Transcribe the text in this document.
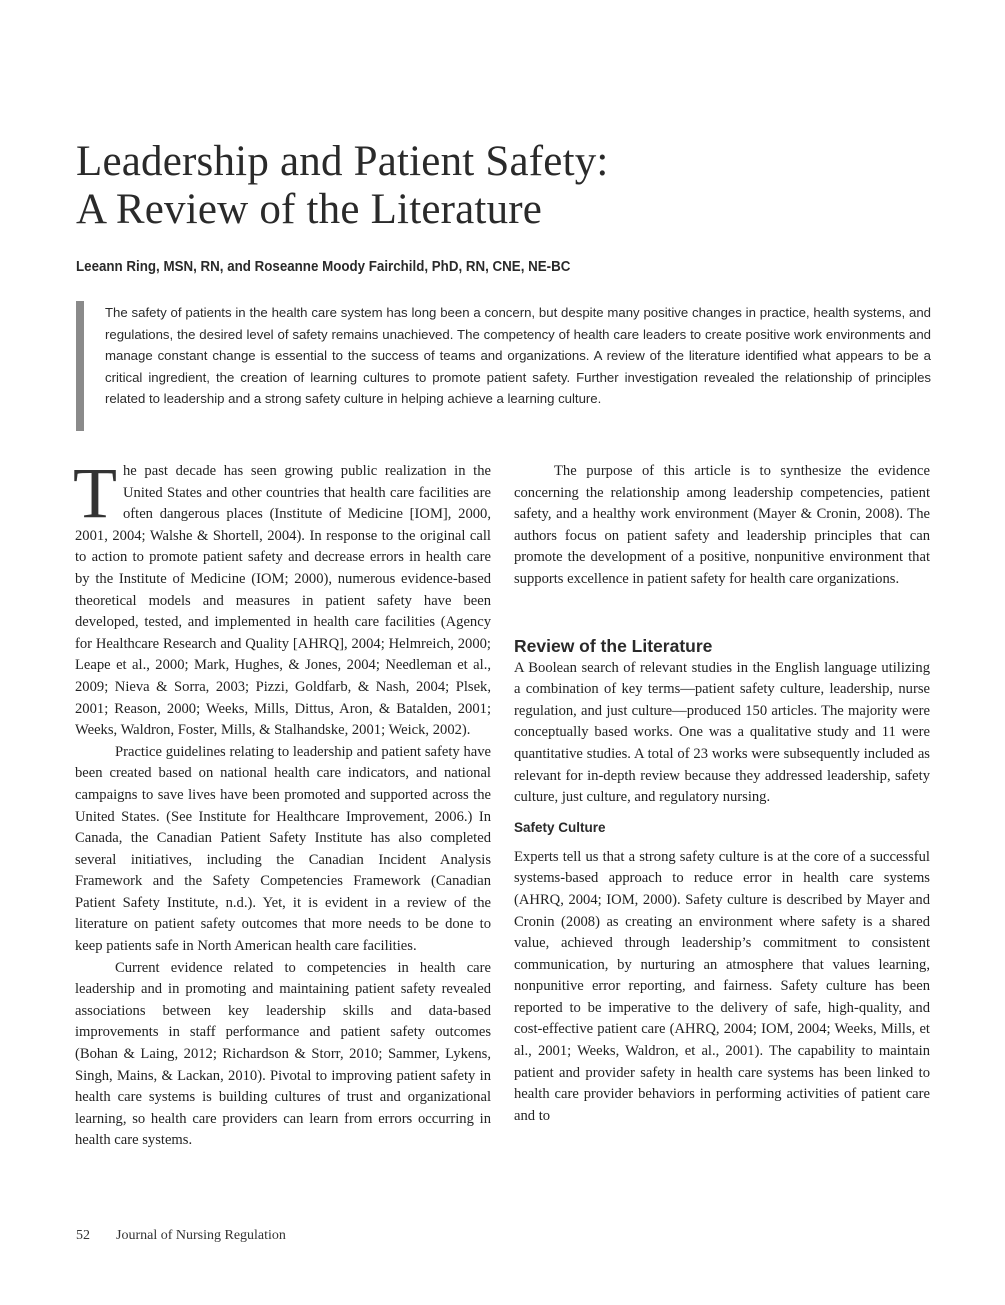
Leadership and Patient Safety:
A Review of the Literature

Leeann Ring, MSN, RN, and Roseanne Moody Fairchild, PhD, RN, CNE, NE-BC

The safety of patients in the health care system has long been a concern, but despite many positive changes in practice, health systems, and regulations, the desired level of safety remains unachieved. The competency of health care leaders to create positive work environments and manage constant change is essential to the success of teams and organizations. A review of the literature identified what appears to be a critical ingredient, the creation of learning cultures to promote patient safety. Further investigation revealed the relationship of principles related to leadership and a strong safety culture in helping achieve a learning culture.

The past decade has seen growing public realization in the United States and other countries that health care facilities are often dangerous places (Institute of Medicine [IOM], 2000, 2001, 2004; Walshe & Shortell, 2004). In response to the original call to action to promote patient safety and decrease errors in health care by the Institute of Medicine (IOM; 2000), numerous evidence-based theoretical models and measures in patient safety have been developed, tested, and implemented in health care facilities (Agency for Healthcare Research and Quality [AHRQ], 2004; Helmreich, 2000; Leape et al., 2000; Mark, Hughes, & Jones, 2004; Needleman et al., 2009; Nieva & Sorra, 2003; Pizzi, Goldfarb, & Nash, 2004; Plsek, 2001; Reason, 2000; Weeks, Mills, Dittus, Aron, & Batalden, 2001; Weeks, Waldron, Foster, Mills, & Stalhandske, 2001; Weick, 2002).

Practice guidelines relating to leadership and patient safety have been created based on national health care indicators, and national campaigns to save lives have been promoted and supported across the United States. (See Institute for Healthcare Improvement, 2006.) In Canada, the Canadian Patient Safety Institute has also completed several initiatives, including the Canadian Incident Analysis Framework and the Safety Competencies Framework (Canadian Patient Safety Institute, n.d.). Yet, it is evident in a review of the literature on patient safety outcomes that more needs to be done to keep patients safe in North American health care facilities.

Current evidence related to competencies in health care leadership and in promoting and maintaining patient safety revealed associations between key leadership skills and data-based improvements in staff performance and patient safety outcomes (Bohan & Laing, 2012; Richardson & Storr, 2010; Sammer, Lykens, Singh, Mains, & Lackan, 2010). Pivotal to improving patient safety in health care systems is building cultures of trust and organizational learning, so health care providers can learn from errors occurring in health care systems.

The purpose of this article is to synthesize the evidence concerning the relationship among leadership competencies, patient safety, and a healthy work environment (Mayer & Cronin, 2008). The authors focus on patient safety and leadership principles that can promote the development of a positive, nonpunitive environment that supports excellence in patient safety for health care organizations.

Review of the Literature

A Boolean search of relevant studies in the English language utilizing a combination of key terms—patient safety culture, leadership, nurse regulation, and just culture—produced 150 articles. The majority were conceptually based works. One was a qualitative study and 11 were quantitative studies. A total of 23 works were subsequently included as relevant for in-depth review because they addressed leadership, safety culture, just culture, and regulatory nursing.

Safety Culture

Experts tell us that a strong safety culture is at the core of a successful systems-based approach to reduce error in health care systems (AHRQ, 2004; IOM, 2000). Safety culture is described by Mayer and Cronin (2008) as creating an environment where safety is a shared value, achieved through leadership’s commitment to consistent communication, by nurturing an atmosphere that values learning, nonpunitive error reporting, and fairness. Safety culture has been reported to be imperative to the delivery of safe, high-quality, and cost-effective patient care (AHRQ, 2004; IOM, 2004; Weeks, Mills, et al., 2001; Weeks, Waldron, et al., 2001). The capability to maintain patient and provider safety in health care systems has been linked to health care provider behaviors in performing activities of patient care and to

52 Journal of Nursing Regulation
